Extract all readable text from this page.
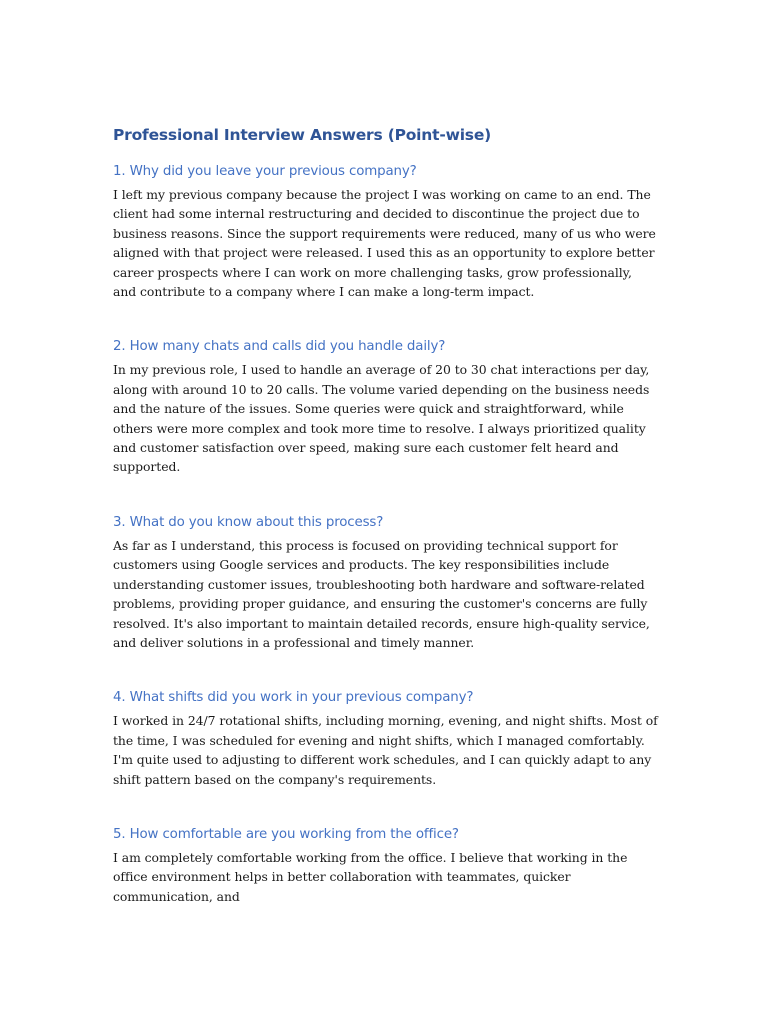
Professional Interview Answers (Point-wise)
1. Why did you leave your previous company?

I left my previous company because the project I was working on came to an end. The client had some internal restructuring and decided to discontinue the project due to business reasons. Since the support requirements were reduced, many of us who were aligned with that project were released. I used this as an opportunity to explore better career prospects where I can work on more challenging tasks, grow professionally, and contribute to a company where I can make a long-term impact.

2. How many chats and calls did you handle daily?

In my previous role, I used to handle an average of 20 to 30 chat interactions per day, along with around 10 to 20 calls. The volume varied depending on the business needs and the nature of the issues. Some queries were quick and straightforward, while others were more complex and took more time to resolve. I always prioritized quality and customer satisfaction over speed, making sure each customer felt heard and supported.

3. What do you know about this process?

As far as I understand, this process is focused on providing technical support for customers using Google services and products. The key responsibilities include understanding customer issues, troubleshooting both hardware and software-related problems, providing proper guidance, and ensuring the customer's concerns are fully resolved. It's also important to maintain detailed records, ensure high-quality service, and deliver solutions in a professional and timely manner.

4. What shifts did you work in your previous company?

I worked in 24/7 rotational shifts, including morning, evening, and night shifts. Most of the time, I was scheduled for evening and night shifts, which I managed comfortably. I'm quite used to adjusting to different work schedules, and I can quickly adapt to any shift pattern based on the company's requirements.

5. How comfortable are you working from the office?

I am completely comfortable working from the office. I believe that working in the office environment helps in better collaboration with teammates, quicker communication, and
